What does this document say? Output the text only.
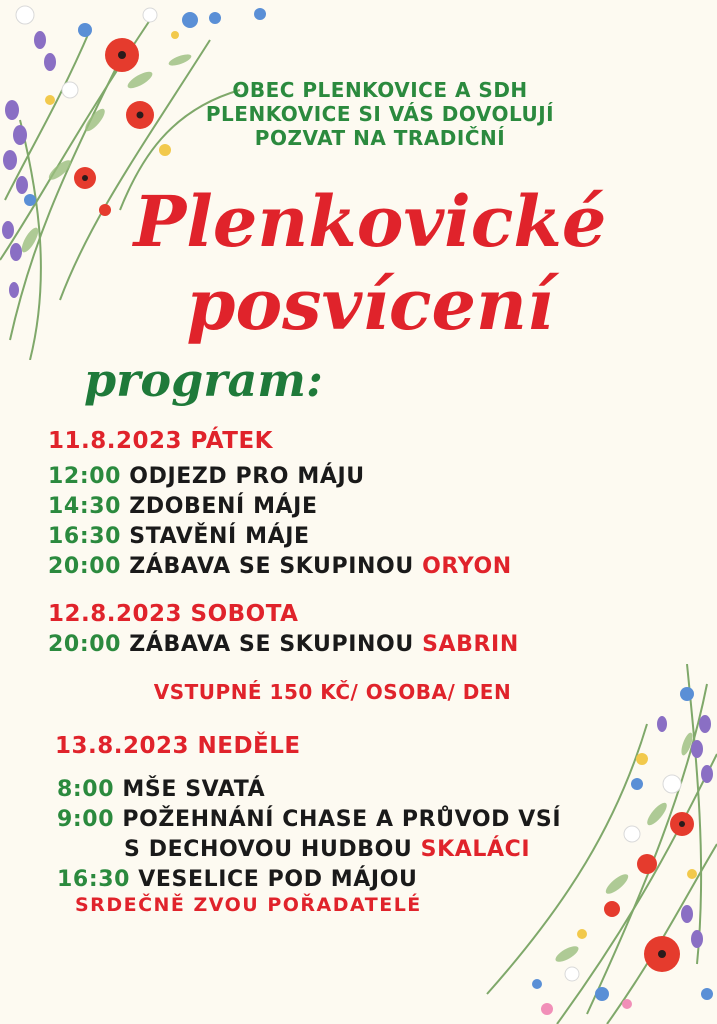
OBEC PLENKOVICE A SDH
PLENKOVICE SI VÁS DOVOLUJÍ
POZVAT NA TRADIČNÍ
Plenkovické
posvícení
program:
11.8.2023 PÁTEK
12:00 ODJEZD PRO MÁJU
14:30 ZDOBENÍ MÁJE
16:30 STAVĚNÍ MÁJE
20:00 ZÁBAVA SE SKUPINOU ORYON
12.8.2023 SOBOTA
20:00 ZÁBAVA SE SKUPINOU SABRIN
VSTUPNÉ 150 KČ/ OSOBA/ DEN
13.8.2023 NEDĚLE
8:00 MŠE SVATÁ
9:00 POŽEHNÁNÍ CHASE A PRŮVOD VSÍ
S DECHOVOU HUDBOU SKALÁCI
16:30 VESELICE POD MÁJOU
SRDEČNĚ ZVOU POŘADATELÉ
